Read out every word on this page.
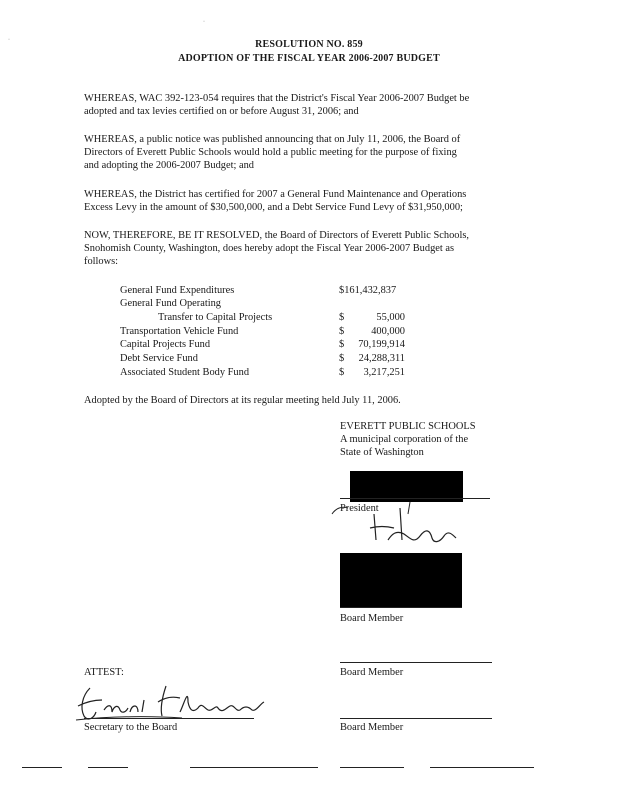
·
·	RESOLUTION NO. 859
ADOPTION OF THE FISCAL YEAR 2006-2007 BUDGET
WHEREAS, WAC 392-123-054 requires that the District's Fiscal Year 2006-2007 Budget be
adopted and tax levies certified on or before August 31, 2006; and
WHEREAS, a public notice was published announcing that on July 11, 2006, the Board of
Directors of Everett Public Schools would hold a public meeting for the purpose of fixing
and adopting the 2006-2007 Budget; and
WHEREAS, the District has certified for 2007 a General Fund Maintenance and Operations
Excess Levy in the amount of $30,500,000, and a Debt Service Fund Levy of $31,950,000;
NOW, THEREFORE, BE IT RESOLVED, the Board of Directors of Everett Public Schools,
Snohomish County, Washington, does hereby adopt the Fiscal Year 2006-2007 Budget as
follows:
General Fund Expenditures	$161,432,837
General Fund Operating
Transfer to Capital Projects	$	55,000
Transportation Vehicle Fund	$	400,000
Capital Projects Fund	$	70,199,914
Debt Service Fund	$	24,288,311
Associated Student Body Fund	$	3,217,251
Adopted by the Board of Directors at its regular meeting held July 11, 2006.
EVERETT PUBLIC SCHOOLS
A municipal corporation of the
State of Washington
President
Board Member
Board Member
ATTEST:
Secretary to the Board	Board Member
